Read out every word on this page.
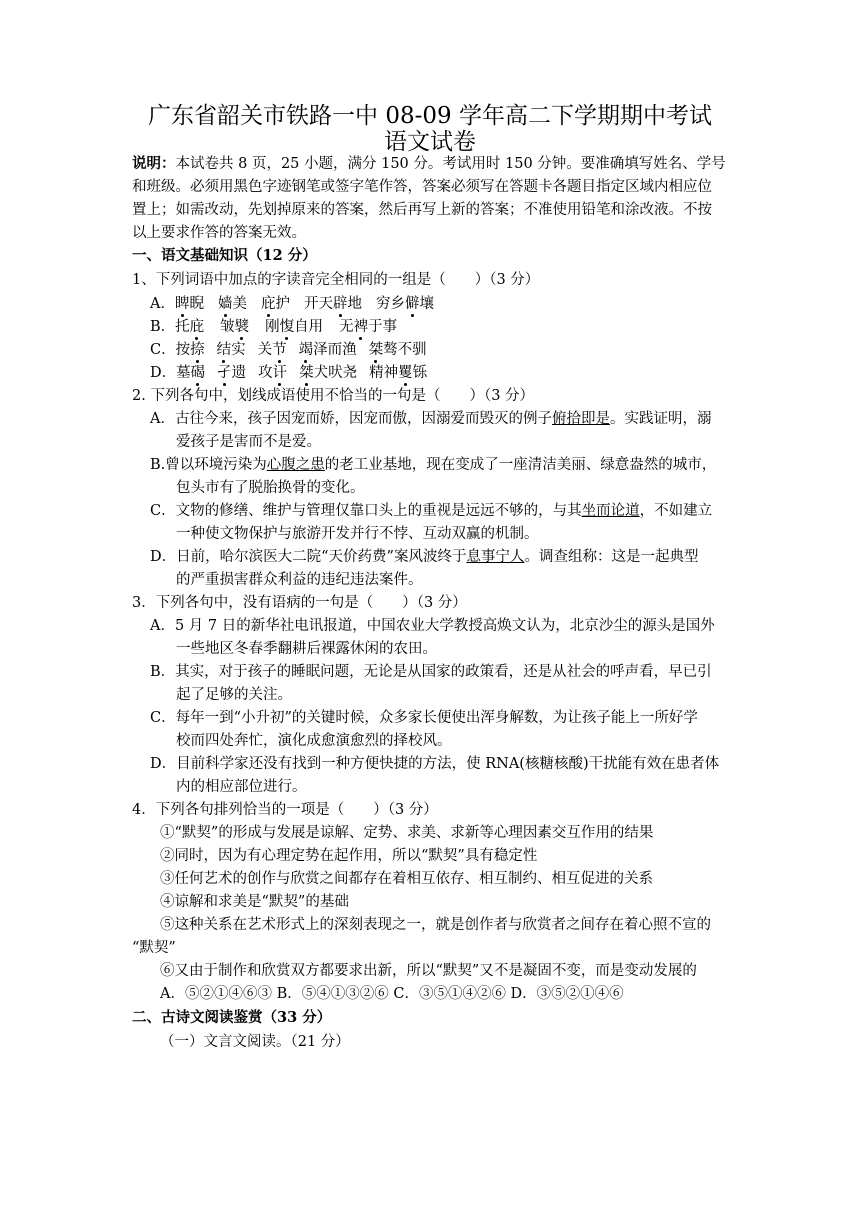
广东省韶关市铁路一中 08-09 学年高二下学期期中考试
语文试卷
说明：本试卷共 8 页，25 小题，满分 150 分。考试用时 150 分钟。要准确填写姓名、学号
和班级。必须用黑色字迹钢笔或签字笔作答，答案必须写在答题卡各题目指定区域内相应位
置上；如需改动，先划掉原来的答案，然后再写上新的答案；不准使用铅笔和涂改液。不按
以上要求作答的答案无效。
一、语文基础知识（12 分）
1、下列词语中加点的字读音完全相同的一组是（　　）（3 分）
A．睥睨 嫱美 庇护 开天辟地 穷乡僻壤
B．托庇 皱襞 刚愎自用 无裨于事
C．按捺 结实 关节 竭泽而渔 桀骜不驯
D．墓碣 孑遗 攻讦 桀犬吠尧 精神矍铄
2. 下列各句中，划线成语使用不恰当的一句是（　　）（3 分）
A．古往今来，孩子因宠而娇，因宠而傲，因溺爱而毁灭的例子俯拾即是。实践证明，溺
爱孩子是害而不是爱。
B.曾以环境污染为心腹之患的老工业基地，现在变成了一座清洁美丽、绿意盎然的城市，
包头市有了脱胎换骨的变化。
C．文物的修缮、维护与管理仅靠口头上的重视是远远不够的，与其坐而论道，不如建立
一种使文物保护与旅游开发并行不悖、互动双赢的机制。
D．日前，哈尔滨医大二院“天价药费”案风波终于息事宁人。调查组称：这是一起典型
的严重损害群众利益的违纪违法案件。
3．下列各句中，没有语病的一句是（　　）（3 分）
A．5 月 7 日的新华社电讯报道，中国农业大学教授高焕文认为，北京沙尘的源头是国外
一些地区冬春季翻耕后裸露休闲的农田。
B．其实，对于孩子的睡眠问题，无论是从国家的政策看，还是从社会的呼声看，早已引
起了足够的关注。
C．每年一到“小升初”的关键时候，众多家长便使出浑身解数，为让孩子能上一所好学
校而四处奔忙，演化成愈演愈烈的择校风。
D．目前科学家还没有找到一种方便快捷的方法，使 RNA(核糖核酸)干扰能有效在患者体
内的相应部位进行。
4．下列各句排列恰当的一项是（　　）（3 分）
①“默契”的形成与发展是谅解、定势、求美、求新等心理因素交互作用的结果
②同时，因为有心理定势在起作用，所以“默契”具有稳定性
③任何艺术的创作与欣赏之间都存在着相互依存、相互制约、相互促进的关系
④谅解和求美是“默契”的基础
⑤这种关系在艺术形式上的深刻表现之一，就是创作者与欣赏者之间存在着心照不宣的
“默契”
⑥又由于制作和欣赏双方都要求出新，所以“默契”又不是凝固不变，而是变动发展的
A．⑤②①④⑥③ B．⑤④①③②⑥ C．③⑤①④②⑥ D．③⑤②①④⑥
二、古诗文阅读鉴赏（33 分）
（一）文言文阅读。（21 分）
